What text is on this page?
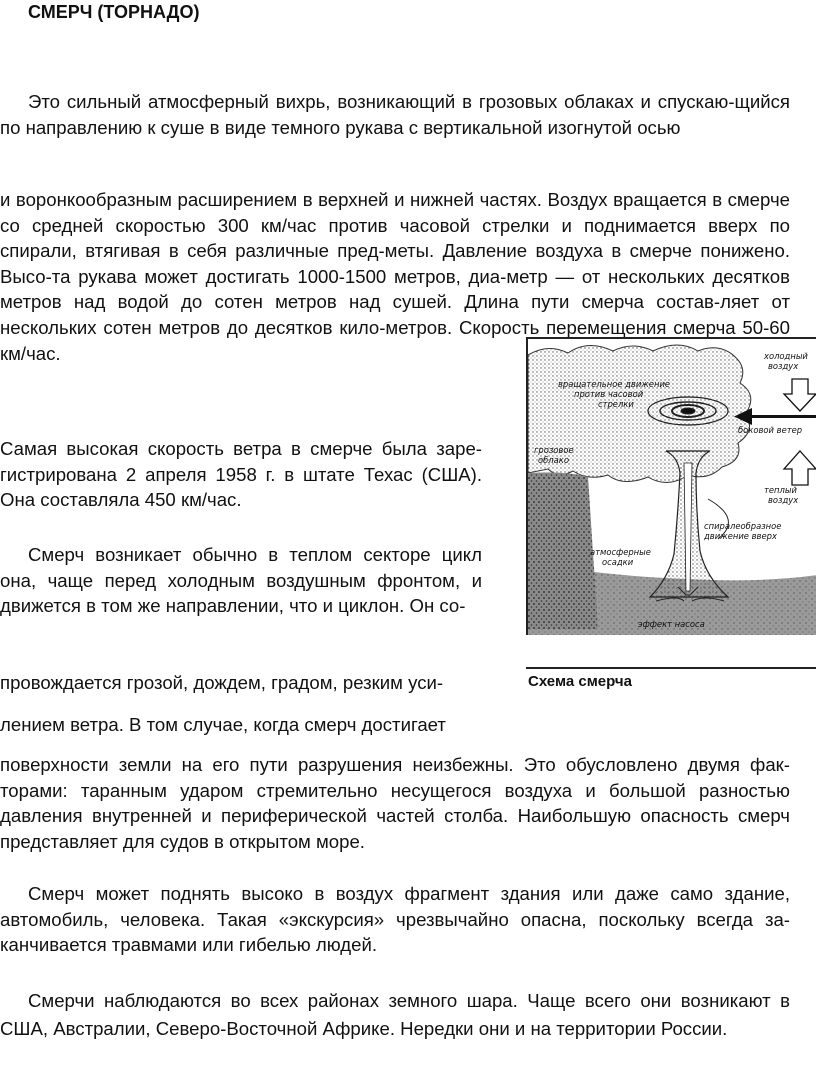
СМЕРЧ (ТОРНАДО)

Это сильный атмосферный вихрь, возникающий в грозовых облаках и спускаю-щийся по направлению к суше в виде темного рукава с вертикальной изогнутой осью

и воронкообразным расширением в верхней и нижней частях. Воздух вращается в смерче со средней скоростью 300 км/час против часовой стрелки и поднимается вверх по спирали, втягивая в себя различные пред-меты. Давление воздуха в смерче понижено. Высо-та рукава может достигать 1000-1500 метров, диа-метр — от нескольких десятков метров над водой до сотен метров над сушей. Длина пути смерча состав-ляет от нескольких сотен метров до десятков кило-метров. Скорость перемещения смерча 50-60 км/час.

Самая высокая скорость ветра в смерче была заре-гистрирована 2 апреля 1958 г. в штате Техас (США). Она составляла 450 км/час.

Смерч возникает обычно в теплом секторе цикл она, чаще перед холодным воздушным фронтом, и движется в том же направлении, что и циклон. Он со-

провождается грозой, дождем, градом, резким уси-

лением ветра. В том случае, когда смерч достигает

поверхности земли на его пути разрушения неизбежны. Это обусловлено двумя фак-торами: таранным ударом стремительно несущегося воздуха и большой разностью давления внутренней и периферической частей столба. Наибольшую опасность смерч представляет для судов в открытом море.

Смерч может поднять высоко в воздух фрагмент здания или даже само здание, автомобиль, человека. Такая «экскурсия» чрезвычайно опасна, поскольку всегда за-канчивается травмами или гибелью людей.

Смерчи наблюдаются во всех районах земного шара. Чаще всего они возникают в США, Австралии, Северо-Восточной Африке. Нередки они и на территории России.

холодный
воздух
вращательное движение
против часовой
стрелки
боковой ветер
грозовое
облако
теплый
воздух
спиралеобразное
движение вверх
атмосферные
осадки
эффект насоса

Схема смерча
